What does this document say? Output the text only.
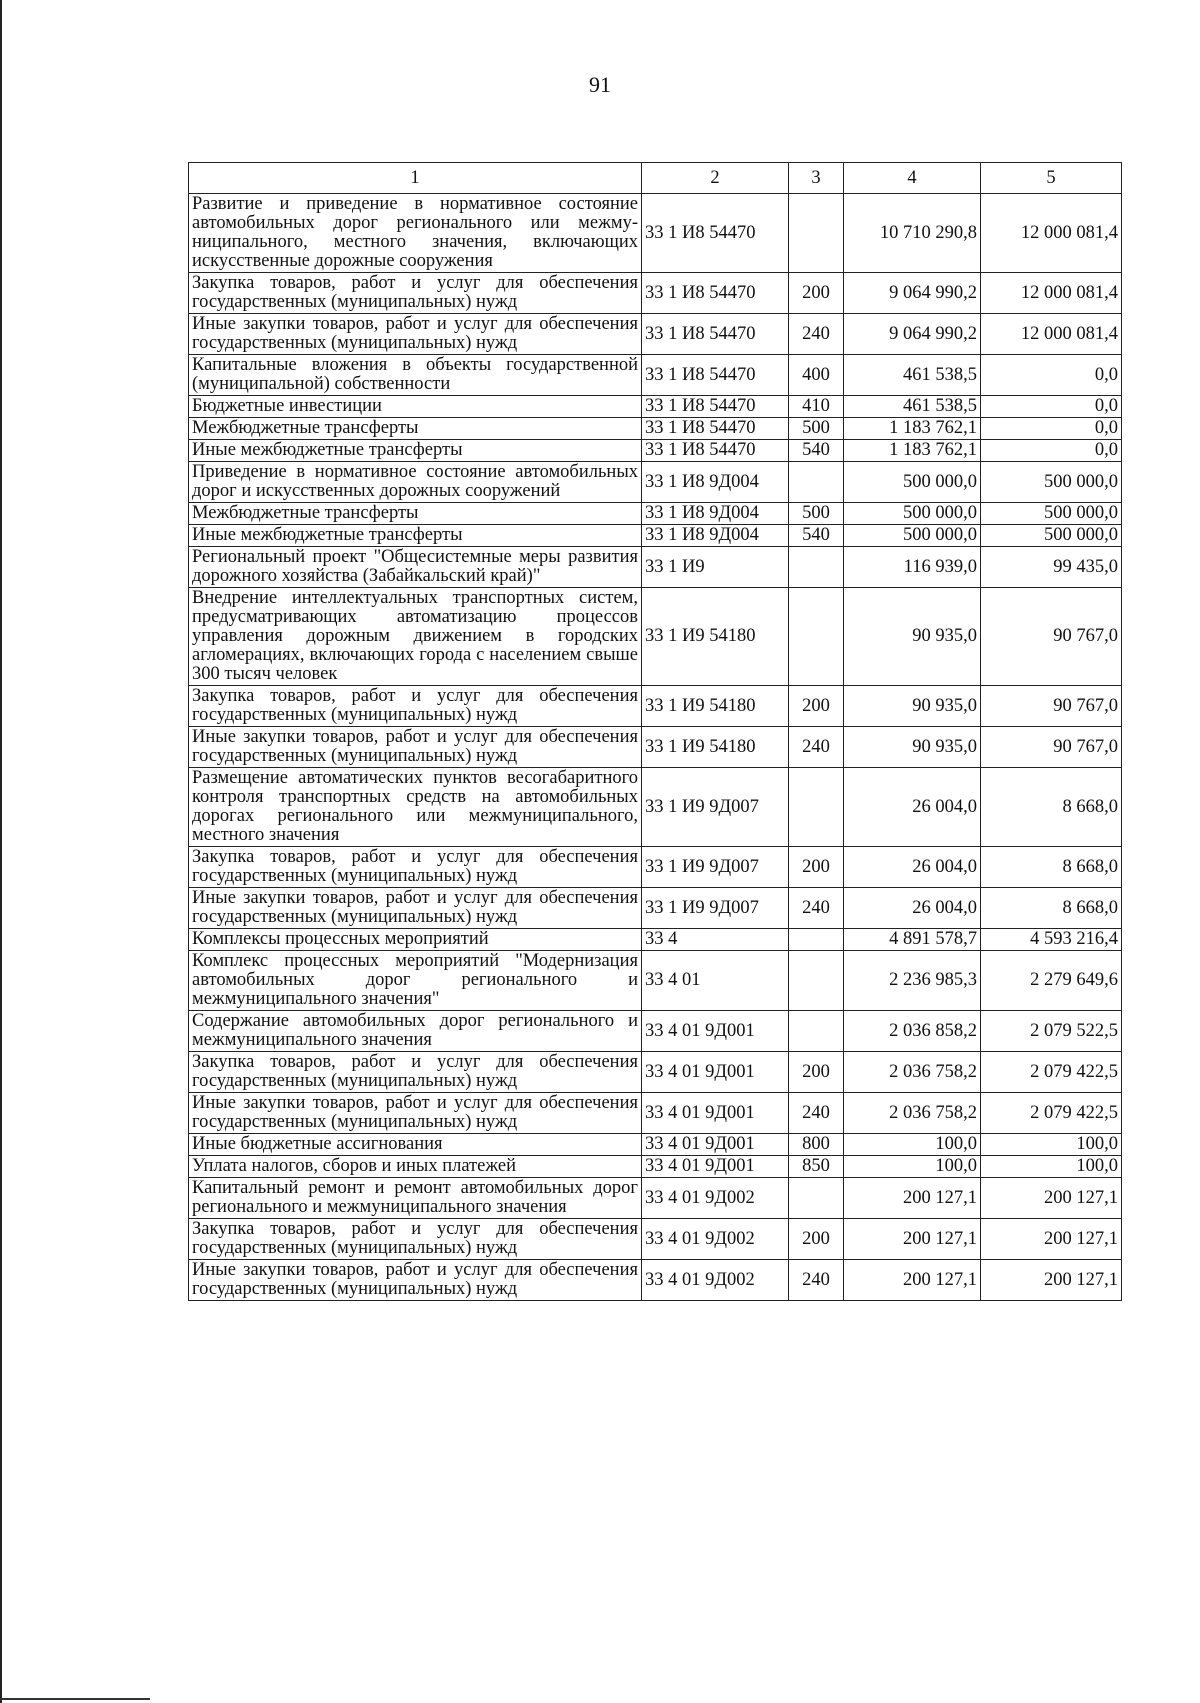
91
1	2	3	4	5
Развитие и приведение в нормативное состояние автомобильных дорог регионального или межмуниципального, местного значения, включающих искусственные дорожные сооружения	33 1 И8 54470		10 710 290,8	12 000 081,4
Закупка товаров, работ и услуг для обеспечения государственных (муниципальных) нужд	33 1 И8 54470	200	9 064 990,2	12 000 081,4
Иные закупки товаров, работ и услуг для обеспечения государственных (муниципальных) нужд	33 1 И8 54470	240	9 064 990,2	12 000 081,4
Капитальные вложения в объекты государственной (муниципальной) собственности	33 1 И8 54470	400	461 538,5	0,0
Бюджетные инвестиции	33 1 И8 54470	410	461 538,5	0,0
Межбюджетные трансферты	33 1 И8 54470	500	1 183 762,1	0,0
Иные межбюджетные трансферты	33 1 И8 54470	540	1 183 762,1	0,0
Приведение в нормативное состояние автомобильных дорог и искусственных дорожных сооружений	33 1 И8 9Д004		500 000,0	500 000,0
Межбюджетные трансферты	33 1 И8 9Д004	500	500 000,0	500 000,0
Иные межбюджетные трансферты	33 1 И8 9Д004	540	500 000,0	500 000,0
Региональный проект "Общесистемные меры развития дорожного хозяйства (Забайкальский край)"	33 1 И9		116 939,0	99 435,0
Внедрение интеллектуальных транспортных систем, предусматривающих автоматизацию процессов управления дорожным движением в городских агломерациях, включающих города с населением свыше 300 тысяч человек	33 1 И9 54180		90 935,0	90 767,0
Закупка товаров, работ и услуг для обеспечения государственных (муниципальных) нужд	33 1 И9 54180	200	90 935,0	90 767,0
Иные закупки товаров, работ и услуг для обеспечения государственных (муниципальных) нужд	33 1 И9 54180	240	90 935,0	90 767,0
Размещение автоматических пунктов весогабаритного контроля транспортных средств на автомобильных дорогах регионального или межмуниципального, местного значения	33 1 И9 9Д007		26 004,0	8 668,0
Закупка товаров, работ и услуг для обеспечения государственных (муниципальных) нужд	33 1 И9 9Д007	200	26 004,0	8 668,0
Иные закупки товаров, работ и услуг для обеспечения государственных (муниципальных) нужд	33 1 И9 9Д007	240	26 004,0	8 668,0
Комплексы процессных мероприятий	33 4		4 891 578,7	4 593 216,4
Комплекс процессных мероприятий "Модернизация автомобильных дорог регионального и межмуниципального значения"	33 4 01		2 236 985,3	2 279 649,6
Содержание автомобильных дорог регионального и межмуниципального значения	33 4 01 9Д001		2 036 858,2	2 079 522,5
Закупка товаров, работ и услуг для обеспечения государственных (муниципальных) нужд	33 4 01 9Д001	200	2 036 758,2	2 079 422,5
Иные закупки товаров, работ и услуг для обеспечения государственных (муниципальных) нужд	33 4 01 9Д001	240	2 036 758,2	2 079 422,5
Иные бюджетные ассигнования	33 4 01 9Д001	800	100,0	100,0
Уплата налогов, сборов и иных платежей	33 4 01 9Д001	850	100,0	100,0
Капитальный ремонт и ремонт автомобильных дорог регионального и межмуниципального значения	33 4 01 9Д002		200 127,1	200 127,1
Закупка товаров, работ и услуг для обеспечения государственных (муниципальных) нужд	33 4 01 9Д002	200	200 127,1	200 127,1
Иные закупки товаров, работ и услуг для обеспечения государственных (муниципальных) нужд	33 4 01 9Д002	240	200 127,1	200 127,1
